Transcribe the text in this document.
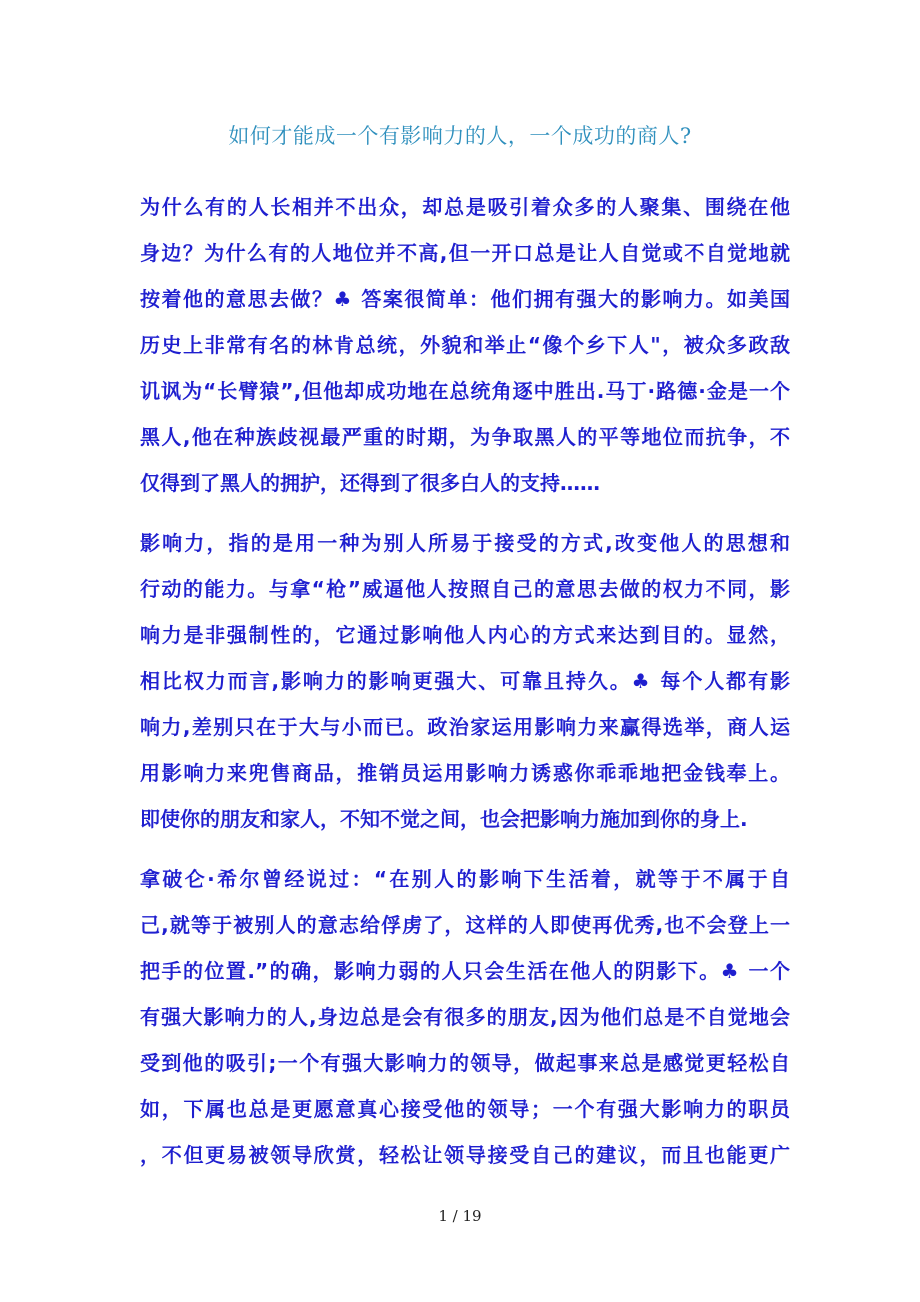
如何才能成一个有影响力的人，一个成功的商人?
为什么有的人长相并不出众，却总是吸引着众多的人聚集、围绕在他
身边？为什么有的人地位并不高,但一开口总是让人自觉或不自觉地就
按着他的意思去做？♣ 答案很简单：他们拥有强大的影响力。如美国
历史上非常有名的林肯总统，外貌和举止“像个乡下人"，被众多政敌
讥讽为“长臂猿”,但他却成功地在总统角逐中胜出.马丁·路德·金是一个
黑人,他在种族歧视最严重的时期，为争取黑人的平等地位而抗争，不
仅得到了黑人的拥护，还得到了很多白人的支持……
影响力，指的是用一种为别人所易于接受的方式,改变他人的思想和
行动的能力。与拿“枪”威逼他人按照自己的意思去做的权力不同，影
响力是非强制性的，它通过影响他人内心的方式来达到目的。显然，
相比权力而言,影响力的影响更强大、可靠且持久。♣ 每个人都有影
响力,差别只在于大与小而已。政治家运用影响力来赢得选举，商人运
用影响力来兜售商品，推销员运用影响力诱惑你乖乖地把金钱奉上。
即使你的朋友和家人，不知不觉之间，也会把影响力施加到你的身上.
拿破仑·希尔曾经说过：“在别人的影响下生活着，就等于不属于自
己,就等于被别人的意志给俘虏了，这样的人即使再优秀,也不会登上一
把手的位置.”的确，影响力弱的人只会生活在他人的阴影下。♣ 一个
有强大影响力的人,身边总是会有很多的朋友,因为他们总是不自觉地会
受到他的吸引;一个有强大影响力的领导，做起事来总是感觉更轻松自
如，下属也总是更愿意真心接受他的领导；一个有强大影响力的职员
，不但更易被领导欣赏，轻松让领导接受自己的建议，而且也能更广
1 / 19
